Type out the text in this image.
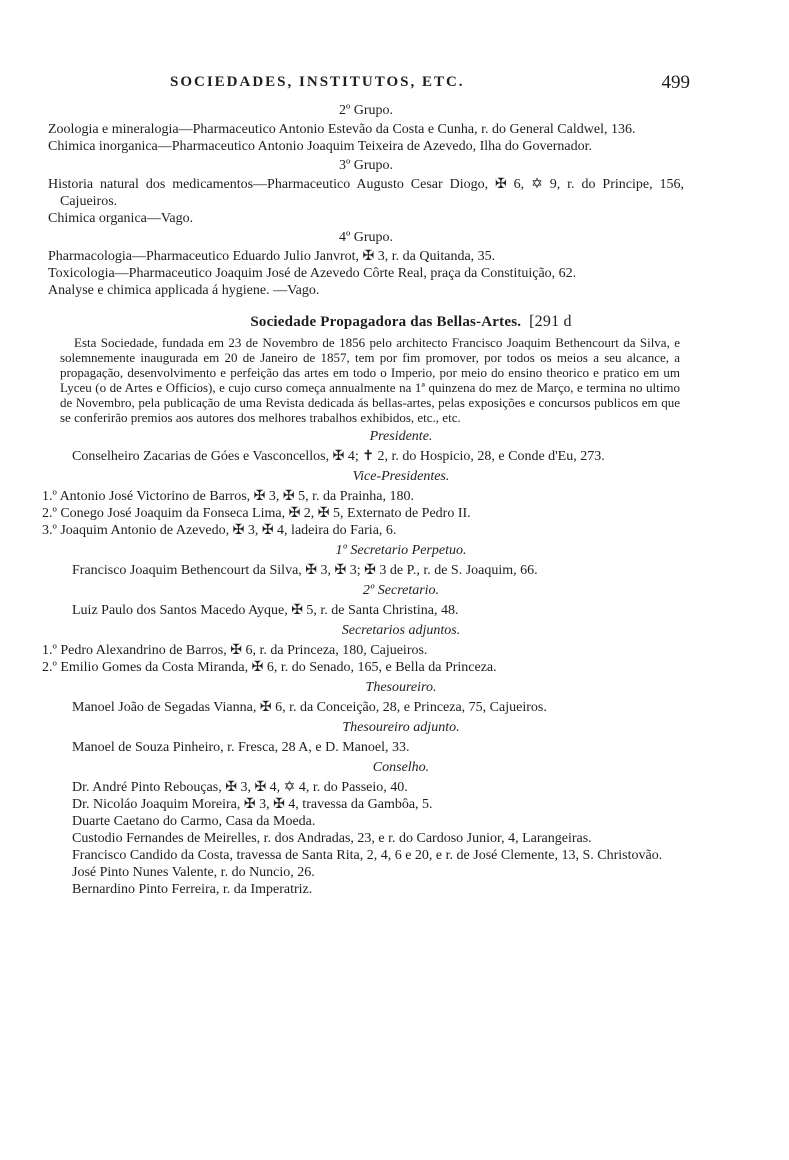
SOCIEDADES, INSTITUTOS, ETC.	499
2º Grupo.

Zoologia e mineralogia—Pharmaceutico Antonio Estevão da Costa e Cunha, r. do General Caldwel, 136.

Chimica inorganica—Pharmaceutico Antonio Joaquim Teixeira de Azevedo, Ilha do Governador.

3º Grupo.

Historia natural dos medicamentos—Pharmaceutico Augusto Cesar Diogo, ✠ 6, ✡ 9, r. do Principe, 156, Cajueiros.

Chimica organica—Vago.

4º Grupo.

Pharmacologia—Pharmaceutico Eduardo Julio Janvrot, ✠ 3, r. da Quitanda, 35.

Toxicologia—Pharmaceutico Joaquim José de Azevedo Côrte Real, praça da Constituição, 62.

Analyse e chimica applicada á hygiene. —Vago.

Sociedade Propagadora das Bellas-Artes. [291 d

Esta Sociedade, fundada em 23 de Novembro de 1856 pelo architecto Francisco Joaquim Bethencourt da Silva, e solemnemente inaugurada em 20 de Janeiro de 1857, tem por fim promover, por todos os meios a seu alcance, a propagação, desenvolvimento e perfeição das artes em todo o Imperio, por meio do ensino theorico e pratico em um Lyceu (o de Artes e Officios), e cujo curso começa annualmente na 1ª quinzena do mez de Março, e termina no ultimo de Novembro, pela publicação de uma Revista dedicada ás bellas-artes, pelas exposições e concursos publicos em que se conferirão premios aos autores dos melhores trabalhos exhibidos, etc., etc.

Presidente.

Conselheiro Zacarias de Góes e Vasconcellos, ✠ 4; ✝ 2, r. do Hospicio, 28, e Conde d'Eu, 273.

Vice-Presidentes.

1.º Antonio José Victorino de Barros, ✠ 3, ✠ 5, r. da Prainha, 180.

2.º Conego José Joaquim da Fonseca Lima, ✠ 2, ✠ 5, Externato de Pedro II.

3.º Joaquim Antonio de Azevedo, ✠ 3, ✠ 4, ladeira do Faria, 6.

1º Secretario Perpetuo.

Francisco Joaquim Bethencourt da Silva, ✠ 3, ✠ 3; ✠ 3 de P., r. de S. Joaquim, 66.

2º Secretario.

Luiz Paulo dos Santos Macedo Ayque, ✠ 5, r. de Santa Christina, 48.

Secretarios adjuntos.

1.º Pedro Alexandrino de Barros, ✠ 6, r. da Princeza, 180, Cajueiros.

2.º Emilio Gomes da Costa Miranda, ✠ 6, r. do Senado, 165, e Bella da Princeza.

Thesoureiro.

Manoel João de Segadas Vianna, ✠ 6, r. da Conceição, 28, e Princeza, 75, Cajueiros.

Thesoureiro adjunto.

Manoel de Souza Pinheiro, r. Fresca, 28 A, e D. Manoel, 33.

Conselho.

Dr. André Pinto Rebouças, ✠ 3, ✠ 4, ✡ 4, r. do Passeio, 40.

Dr. Nicoláo Joaquim Moreira, ✠ 3, ✠ 4, travessa da Gambôa, 5.

Duarte Caetano do Carmo, Casa da Moeda.

Custodio Fernandes de Meirelles, r. dos Andradas, 23, e r. do Cardoso Junior, 4, Larangeiras.

Francisco Candido da Costa, travessa de Santa Rita, 2, 4, 6 e 20, e r. de José Clemente, 13, S. Christovão.

José Pinto Nunes Valente, r. do Nuncio, 26.

Bernardino Pinto Ferreira, r. da Imperatriz.
